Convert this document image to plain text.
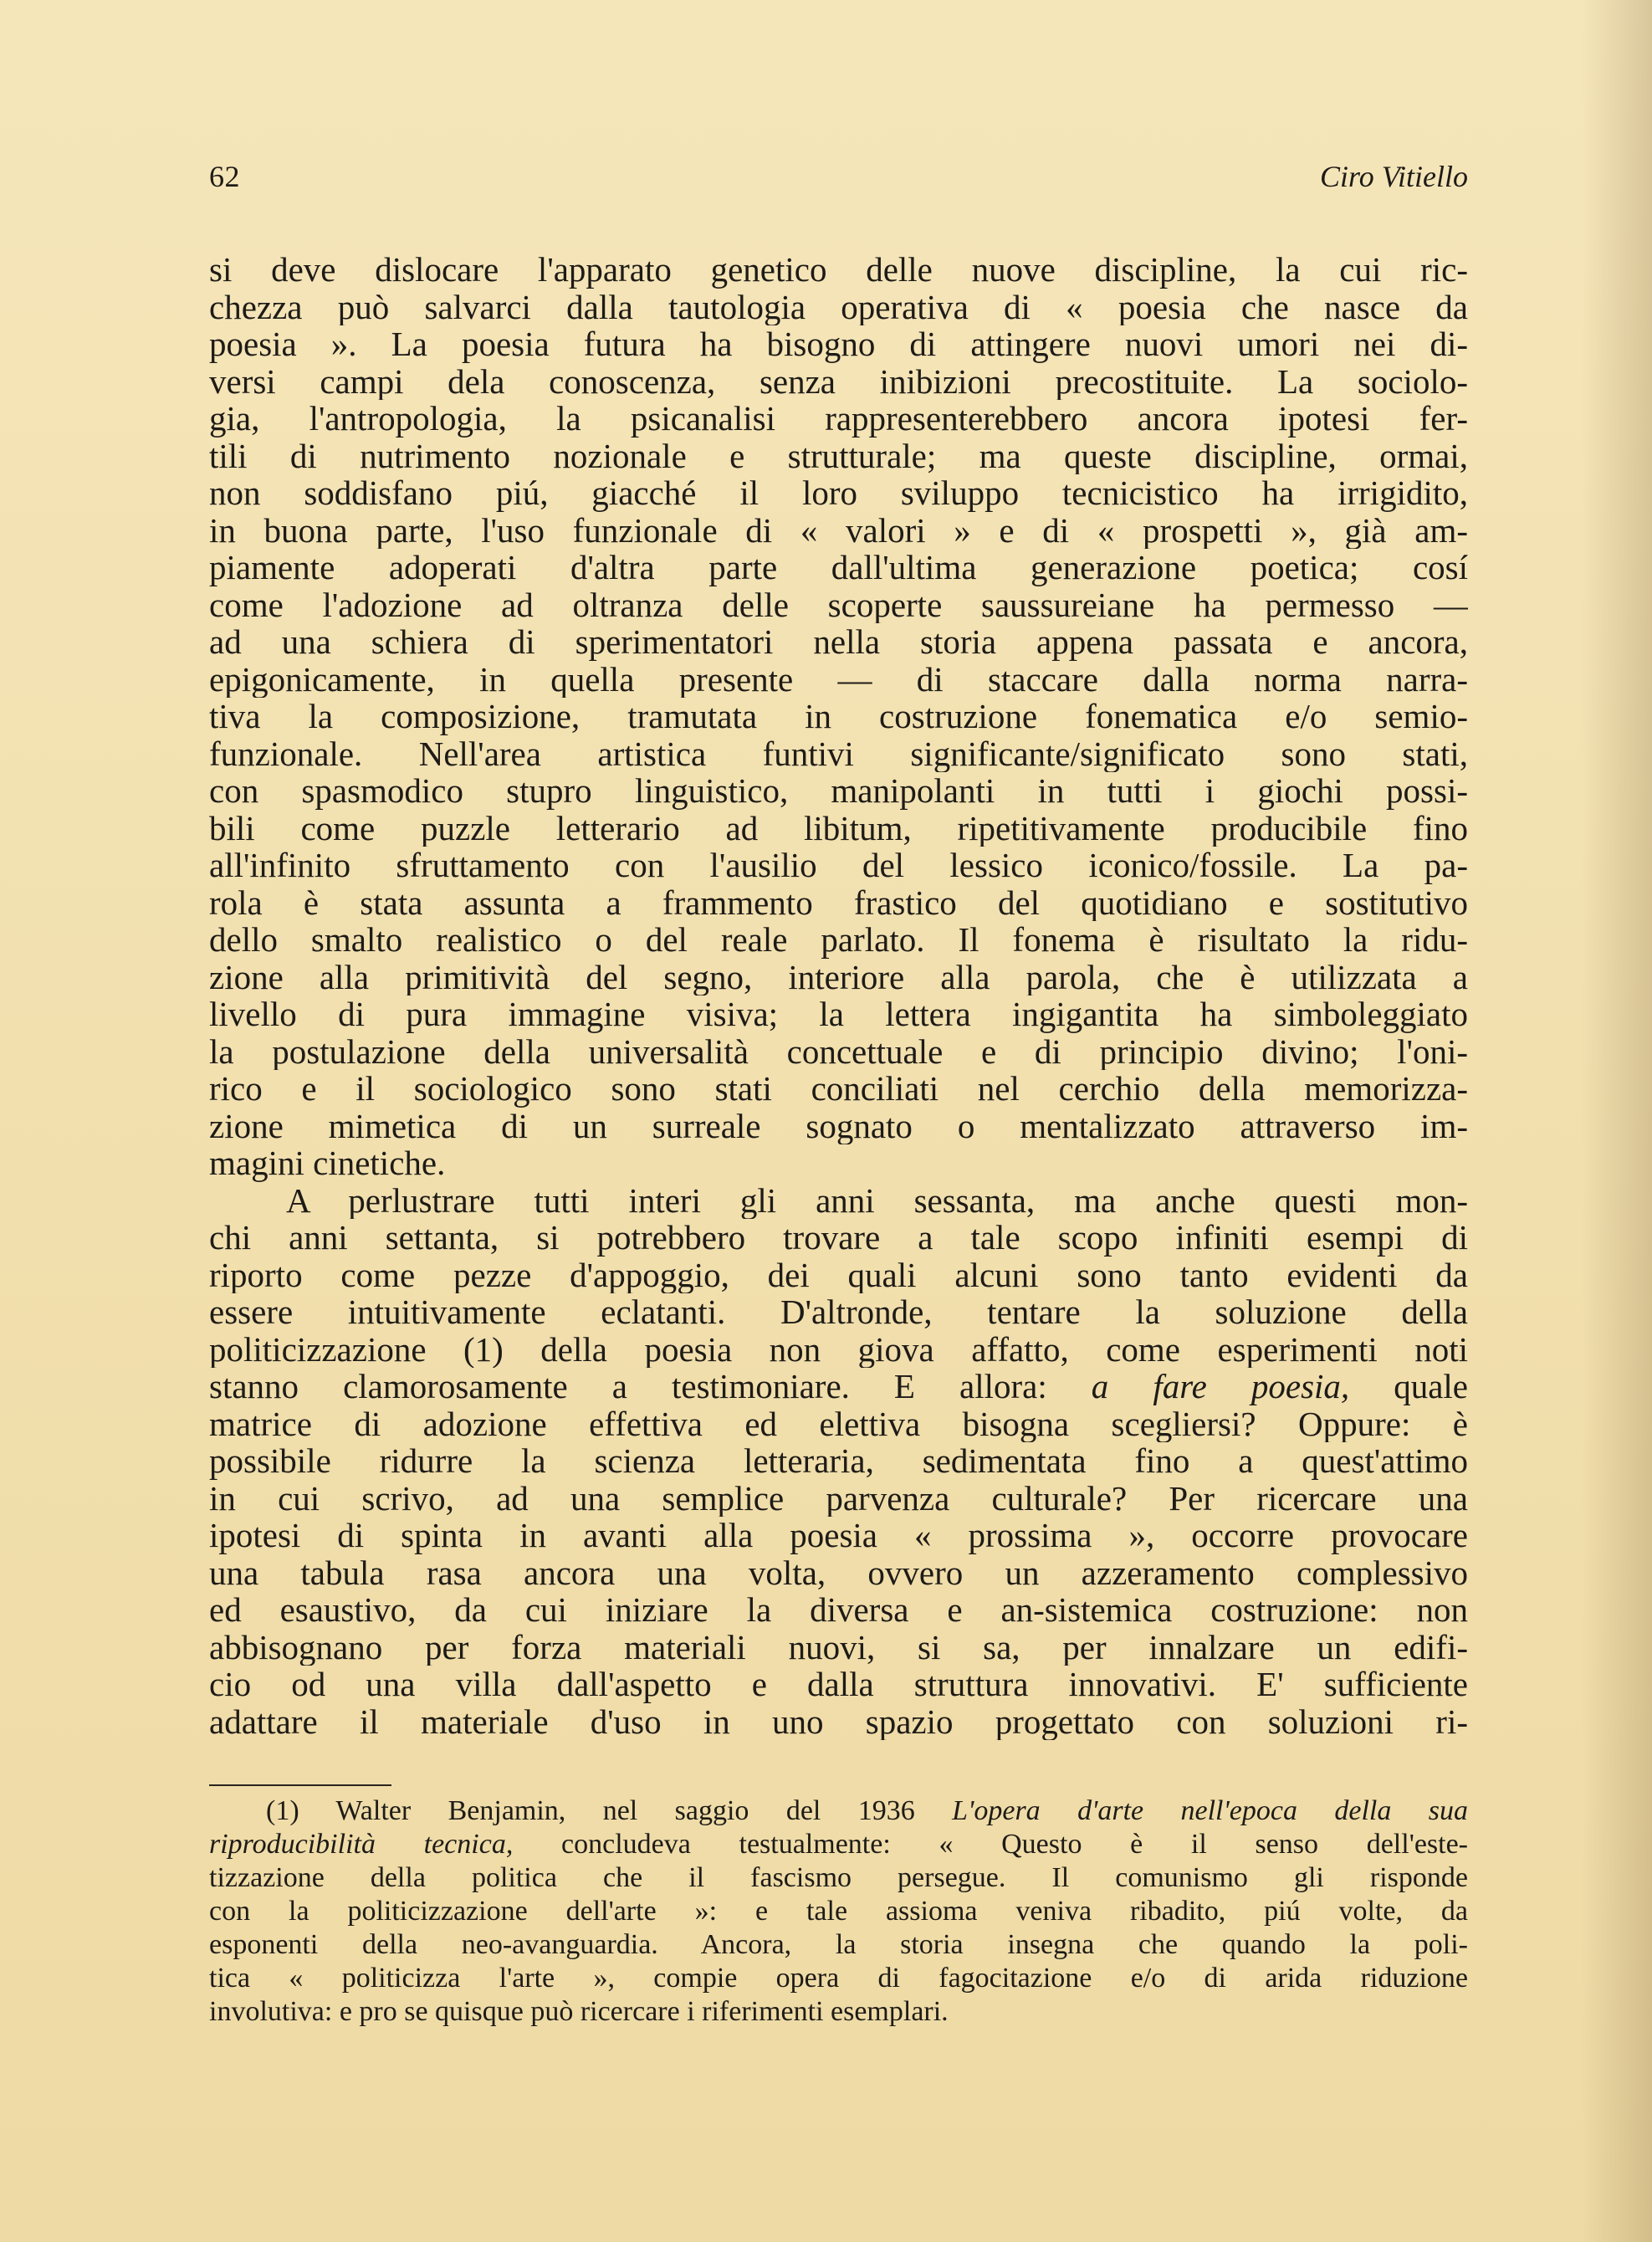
62	Ciro Vitiello
si deve dislocare l'apparato genetico delle nuove discipline, la cui ric-
chezza può salvarci dalla tautologia operativa di « poesia che nasce da
poesia ». La poesia futura ha bisogno di attingere nuovi umori nei di-
versi campi dela conoscenza, senza inibizioni precostituite. La sociolo-
gia, l'antropologia, la psicanalisi rappresenterebbero ancora ipotesi fer-
tili di nutrimento nozionale e strutturale; ma queste discipline, ormai,
non soddisfano piú, giacché il loro sviluppo tecnicistico ha irrigidito,
in buona parte, l'uso funzionale di « valori » e di « prospetti », già am-
piamente adoperati d'altra parte dall'ultima generazione poetica; cosí
come l'adozione ad oltranza delle scoperte saussureiane ha permesso —
ad una schiera di sperimentatori nella storia appena passata e ancora,
epigonicamente, in quella presente — di staccare dalla norma narra-
tiva la composizione, tramutata in costruzione fonematica e/o semio-
funzionale. Nell'area artistica funtivi significante/significato sono stati,
con spasmodico stupro linguistico, manipolanti in tutti i giochi possi-
bili come puzzle letterario ad libitum, ripetitivamente producibile fino
all'infinito sfruttamento con l'ausilio del lessico iconico/fossile. La pa-
rola è stata assunta a frammento frastico del quotidiano e sostitutivo
dello smalto realistico o del reale parlato. Il fonema è risultato la ridu-
zione alla primitività del segno, interiore alla parola, che è utilizzata a
livello di pura immagine visiva; la lettera ingigantita ha simboleggiato
la postulazione della universalità concettuale e di principio divino; l'oni-
rico e il sociologico sono stati conciliati nel cerchio della memorizza-
zione mimetica di un surreale sognato o mentalizzato attraverso im-
magini cinetiche.
A perlustrare tutti interi gli anni sessanta, ma anche questi mon-
chi anni settanta, si potrebbero trovare a tale scopo infiniti esempi di
riporto come pezze d'appoggio, dei quali alcuni sono tanto evidenti da
essere intuitivamente eclatanti. D'altronde, tentare la soluzione della
politicizzazione (1) della poesia non giova affatto, come esperimenti noti
stanno clamorosamente a testimoniare. E allora: a fare poesia, quale
matrice di adozione effettiva ed elettiva bisogna scegliersi? Oppure: è
possibile ridurre la scienza letteraria, sedimentata fino a quest'attimo
in cui scrivo, ad una semplice parvenza culturale? Per ricercare una
ipotesi di spinta in avanti alla poesia « prossima », occorre provocare
una tabula rasa ancora una volta, ovvero un azzeramento complessivo
ed esaustivo, da cui iniziare la diversa e an-sistemica costruzione: non
abbisognano per forza materiali nuovi, si sa, per innalzare un edifi-
cio od una villa dall'aspetto e dalla struttura innovativi. E' sufficiente
adattare il materiale d'uso in uno spazio progettato con soluzioni ri-
(1) Walter Benjamin, nel saggio del 1936 L'opera d'arte nell'epoca della sua
riproducibilità tecnica, concludeva testualmente: « Questo è il senso dell'este-
tizzazione della politica che il fascismo persegue. Il comunismo gli risponde
con la politicizzazione dell'arte »: e tale assioma veniva ribadito, piú volte, da
esponenti della neo-avanguardia. Ancora, la storia insegna che quando la poli-
tica « politicizza l'arte », compie opera di fagocitazione e/o di arida riduzione
involutiva: e pro se quisque può ricercare i riferimenti esemplari.
